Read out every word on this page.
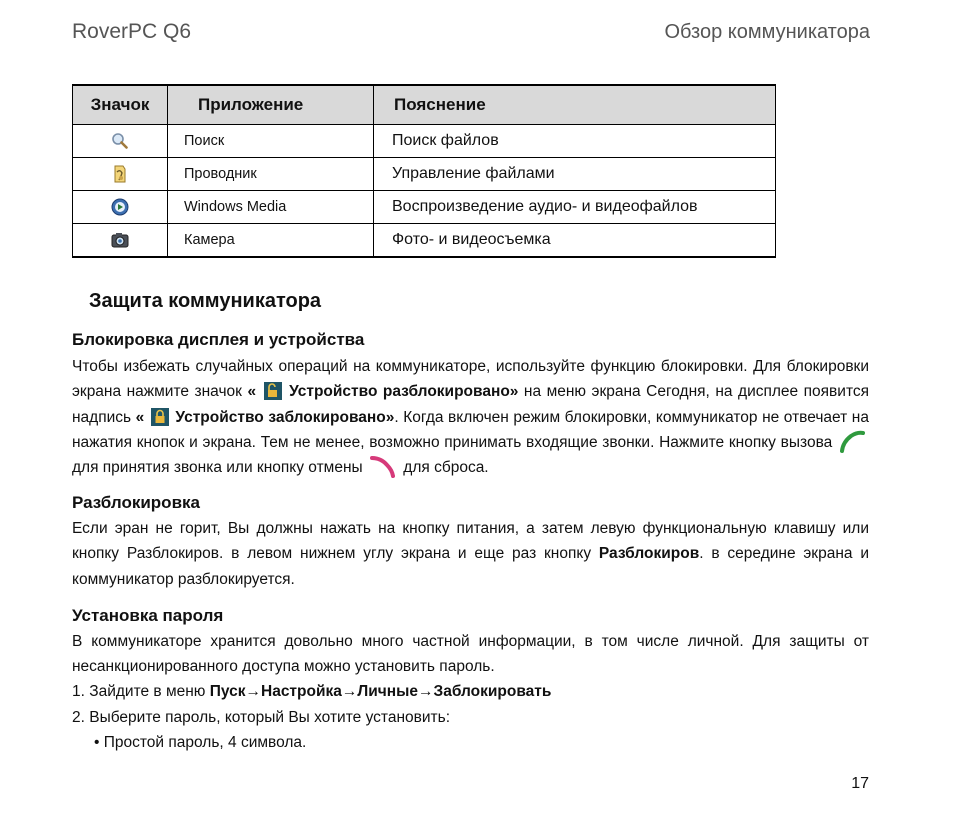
RoverPC Q6	Обзор коммуникатора
Значок	Приложение	Пояснение
	Поиск	Поиск файлов
	Проводник	Управление файлами
	Windows Media	Воспроизведение аудио- и видеофайлов
	Камера	Фото- и видеосъемка
Защита коммуникатора
Блокировка дисплея и устройства

Чтобы избежать случайных операций на коммуникаторе, используйте функцию блокировки. Для блокировки экрана нажмите значок « Устройство разблокировано» на меню экрана Сегодня, на дисплее появится надпись « Устройство заблокировано». Когда включен режим блокировки, коммуникатор не отвечает на нажатия кнопок и экрана. Тем не менее, возможно принимать входящие звонки. Нажмите кнопку вызова  для принятия звонка или кнопку отмены	для сброса.

Разблокировка

Если эран не горит, Вы должны нажать на кнопку питания, а затем левую функциональную клавишу или кнопку Разблокиров. в левом нижнем углу экрана и еще раз кнопку Разблокиров. в середине экрана и коммуникатор разблокируется.

Установка пароля

В коммуникаторе хранится довольно много частной информации, в том числе личной. Для защиты от несанкционированного доступа можно установить пароль.

1. Зайдите в меню Пуск→Настройка→Личные→Заблокировать
2. Выберите пароль, который Вы хотите установить:
• Простой пароль, 4 символа.
17
